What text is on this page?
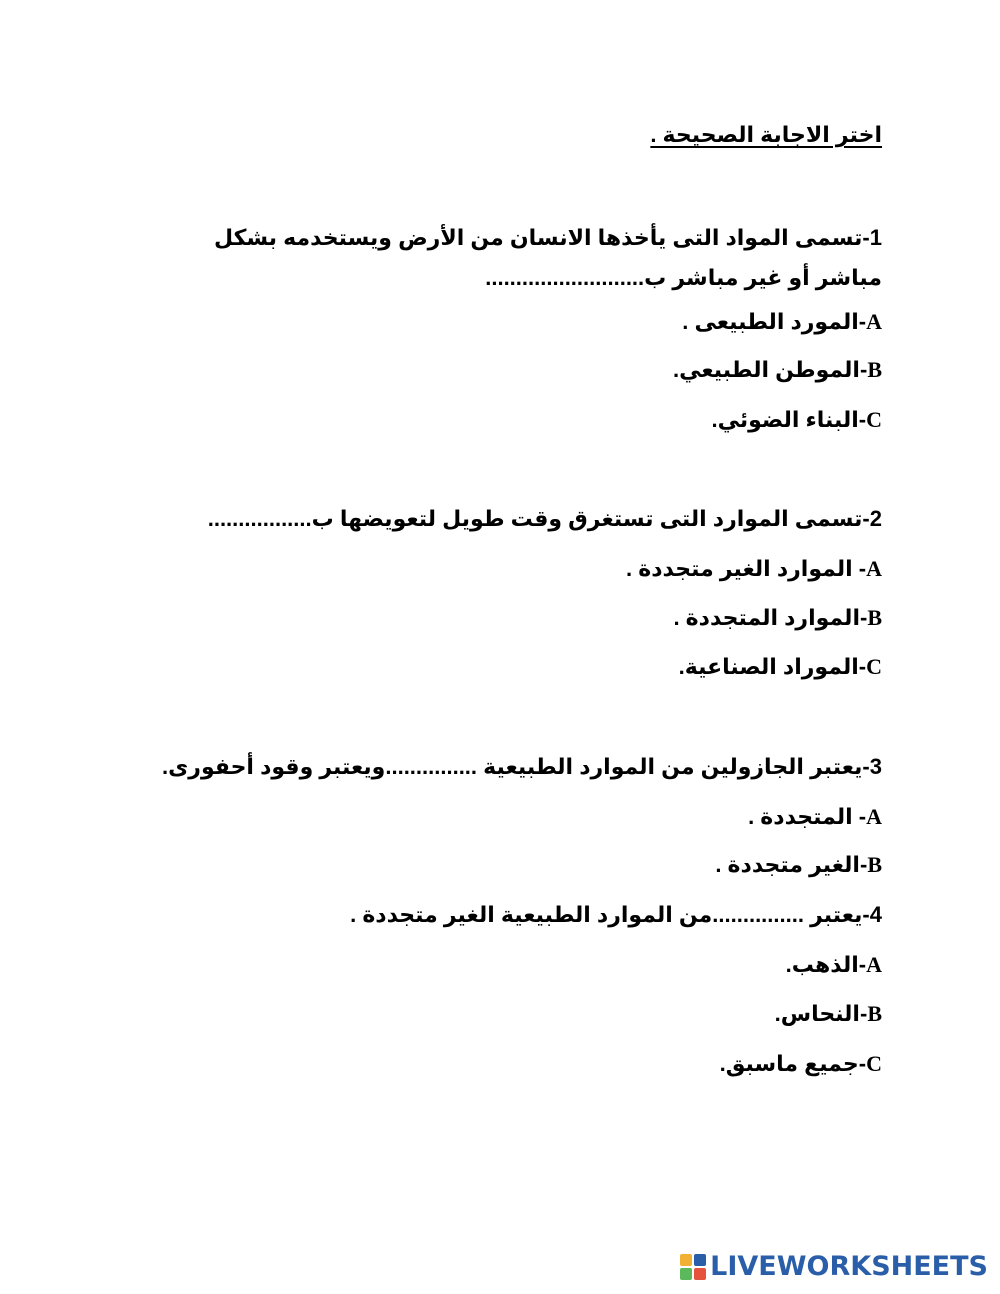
اختر الاجابة الصحيحة .

1-تسمى المواد التى يأخذها الانسان من الأرض ويستخدمه بشكل مباشر أو غير مباشر ب..........................

A-المورد الطبيعى .

B-الموطن الطبيعي.

C-البناء الضوئي.

2-تسمى الموارد التى تستغرق وقت طويل لتعويضها ب.................

A- الموارد الغير متجددة .

B-الموارد المتجددة .

C-الموراد الصناعية.

3-يعتبر الجازولين من الموارد الطبيعية ...............ويعتبر وقود أحفورى.

A- المتجددة .

B-الغير متجددة .

4-يعتبر ...............من الموارد الطبيعية الغير متجددة .

A-الذهب.

B-النحاس.

C-جميع ماسبق.

LIVEWORKSHEETS
